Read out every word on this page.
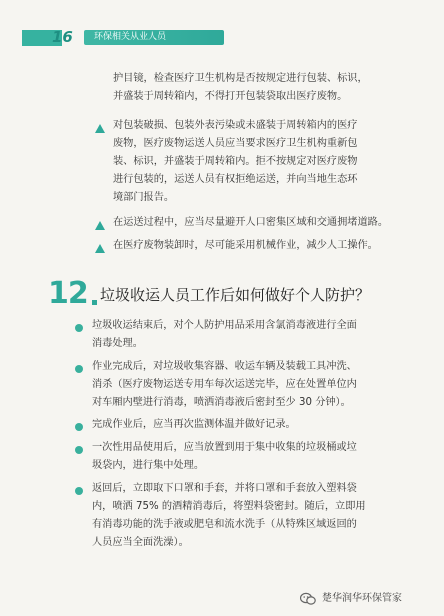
16	环保相关从业人员
护目镜，检查医疗卫生机构是否按规定进行包装、标识，
并盛装于周转箱内，不得打开包装袋取出医疗废物。
对包装破损、包装外表污染或未盛装于周转箱内的医疗
废物，医疗废物运送人员应当要求医疗卫生机构重新包
装、标识，并盛装于周转箱内。拒不按规定对医疗废物
进行包装的，运送人员有权拒绝运送，并向当地生态环
境部门报告。
在运送过程中，应当尽量避开人口密集区域和交通拥堵道路。
在医疗废物装卸时，尽可能采用机械作业，减少人工操作。
12 垃圾收运人员工作后如何做好个人防护？
垃圾收运结束后，对个人防护用品采用含氯消毒液进行全面
消毒处理。
作业完成后，对垃圾收集容器、收运车辆及装载工具冲洗、
消杀（医疗废物运送专用车每次运送完毕，应在处置单位内
对车厢内壁进行消毒，喷洒消毒液后密封至少 30 分钟）。
完成作业后，应当再次监测体温并做好记录。
一次性用品使用后，应当放置到用于集中收集的垃圾桶或垃
圾袋内，进行集中处理。
返回后，立即取下口罩和手套，并将口罩和手套放入塑料袋
内，喷洒 75% 的酒精消毒后，将塑料袋密封。随后，立即用
有消毒功能的洗手液或肥皂和流水洗手（从特殊区域返回的
人员应当全面洗澡）。
楚华润华环保管家
